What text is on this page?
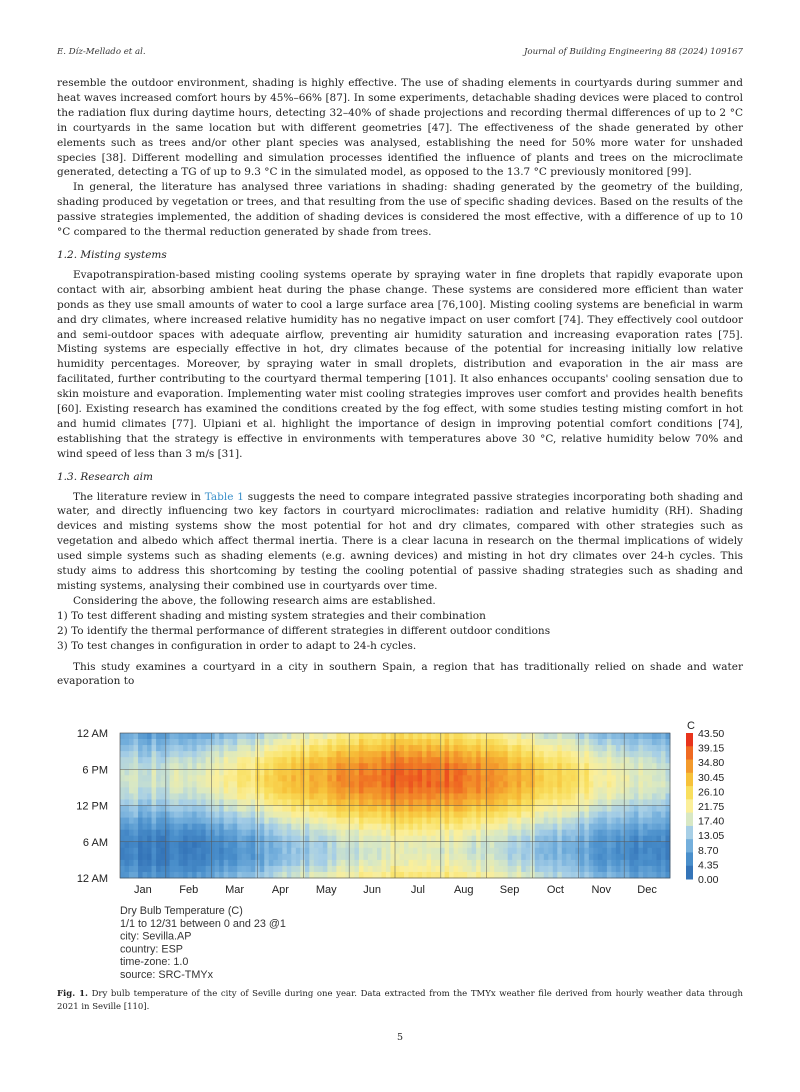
E. Díz-Mellado et al.	Journal of Building Engineering 88 (2024) 109167

resemble the outdoor environment, shading is highly effective. The use of shading elements in courtyards during summer and heat waves increased comfort hours by 45%–66% [87]. In some experiments, detachable shading devices were placed to control the radiation flux during daytime hours, detecting 32–40% of shade projections and recording thermal differences of up to 2 °C in courtyards in the same location but with different geometries [47]. The effectiveness of the shade generated by other elements such as trees and/or other plant species was analysed, establishing the need for 50% more water for unshaded species [38]. Different modelling and simulation processes identified the influence of plants and trees on the microclimate generated, detecting a TG of up to 9.3 °C in the simulated model, as opposed to the 13.7 °C previously monitored [99].

In general, the literature has analysed three variations in shading: shading generated by the geometry of the building, shading produced by vegetation or trees, and that resulting from the use of specific shading devices. Based on the results of the passive strategies implemented, the addition of shading devices is considered the most effective, with a difference of up to 10 °C compared to the thermal reduction generated by shade from trees.

1.2. Misting systems

Evapotranspiration-based misting cooling systems operate by spraying water in fine droplets that rapidly evaporate upon contact with air, absorbing ambient heat during the phase change. These systems are considered more efficient than water ponds as they use small amounts of water to cool a large surface area [76,100]. Misting cooling systems are beneficial in warm and dry climates, where increased relative humidity has no negative impact on user comfort [74]. They effectively cool outdoor and semi-outdoor spaces with adequate airflow, preventing air humidity saturation and increasing evaporation rates [75]. Misting systems are especially effective in hot, dry climates because of the potential for increasing initially low relative humidity percentages. Moreover, by spraying water in small droplets, distribution and evaporation in the air mass are facilitated, further contributing to the courtyard thermal tempering [101]. It also enhances occupants' cooling sensation due to skin moisture and evaporation. Implementing water mist cooling strategies improves user comfort and provides health benefits [60]. Existing research has examined the conditions created by the fog effect, with some studies testing misting comfort in hot and humid climates [77]. Ulpiani et al. highlight the importance of design in improving potential comfort conditions [74], establishing that the strategy is effective in environments with temperatures above 30 °C, relative humidity below 70% and wind speed of less than 3 m/s [31].

1.3. Research aim

The literature review in Table 1 suggests the need to compare integrated passive strategies incorporating both shading and water, and directly influencing two key factors in courtyard microclimates: radiation and relative humidity (RH). Shading devices and misting systems show the most potential for hot and dry climates, compared with other strategies such as vegetation and albedo which affect thermal inertia. There is a clear lacuna in research on the thermal implications of widely used simple systems such as shading elements (e.g. awning devices) and misting in hot dry climates over 24-h cycles. This study aims to address this shortcoming by testing the cooling potential of passive shading strategies such as shading and misting systems, analysing their combined use in courtyards over time.

Considering the above, the following research aims are established.

1) To test different shading and misting system strategies and their combination
2) To identify the thermal performance of different strategies in different outdoor conditions
3) To test changes in configuration in order to adapt to 24-h cycles.

This study examines a courtyard in a city in southern Spain, a region that has traditionally relied on shade and water evaporation to

12 AM
6 PM
12 PM
6 AM
12 AM
Jan Feb Mar	Apr May Jun	Jul	Aug Sep Oct Nov Dec
C
43.50
39.15
34.80
30.45
26.10
21.75
17.40
13.05
8.70
4.35
0.00
Dry Bulb Temperature (C)
1/1 to 12/31 between 0 and 23 @1
city: Sevilla.AP
country: ESP
time-zone: 1.0
source: SRC-TMYx
Fig. 1. Dry bulb temperature of the city of Seville during one year. Data extracted from the TMYx weather file derived from hourly weather data through 2021 in Seville [110].
5
